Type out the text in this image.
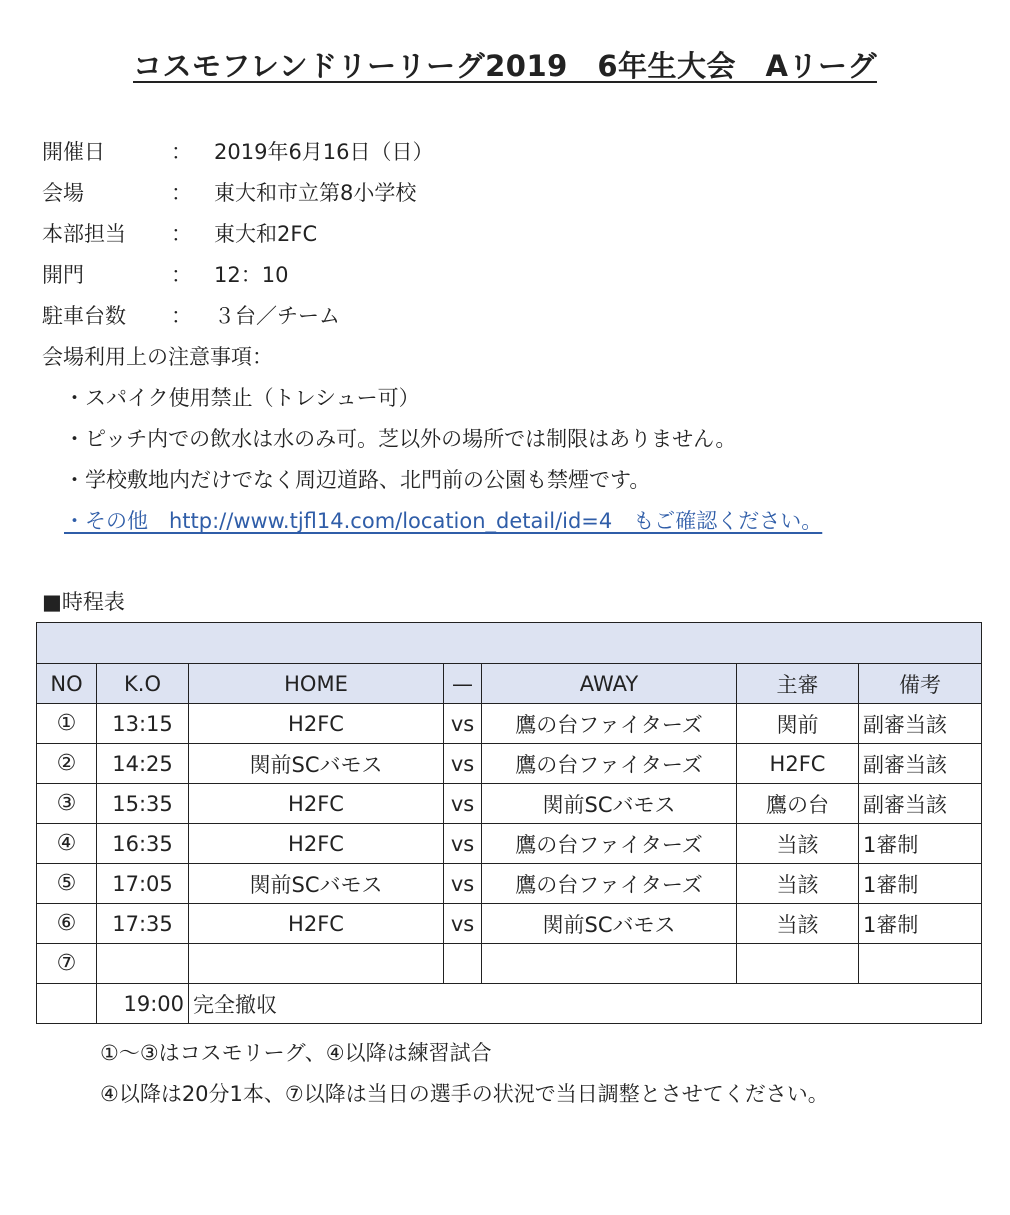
コスモフレンドリーリーグ2019　6年生大会　Aリーグ
開催日	： 2019年6月16日（日）
会場	： 東大和市立第8小学校
本部担当 ： 東大和2FC
開門	： 12：10
駐車台数 ： ３台／チーム
会場利用上の注意事項：
・スパイク使用禁止（トレシュー可）
・ピッチ内での飲水は水のみ可。芝以外の場所では制限はありません。
・学校敷地内だけでなく周辺道路、北門前の公園も禁煙です。
・その他　http://www.tjfl14.com/location_detail/id=4　もご確認ください。
■時程表

NO	K.O	HOME	—	AWAY	主審	備考
①	13:15	H2FC	vs	鷹の台ファイターズ	関前	副審当該
②	14:25	関前SCバモス	vs	鷹の台ファイターズ	H2FC	副審当該
③	15:35	H2FC	vs	関前SCバモス	鷹の台	副審当該
④	16:35	H2FC	vs	鷹の台ファイターズ	当該	1審制
⑤	17:05	関前SCバモス	vs	鷹の台ファイターズ	当該	1審制
⑥	17:35	H2FC	vs	関前SCバモス	当該	1審制
⑦						
	19:00	完全撤収				
①〜③はコスモリーグ、④以降は練習試合
④以降は20分1本、⑦以降は当日の選手の状況で当日調整とさせてください。
